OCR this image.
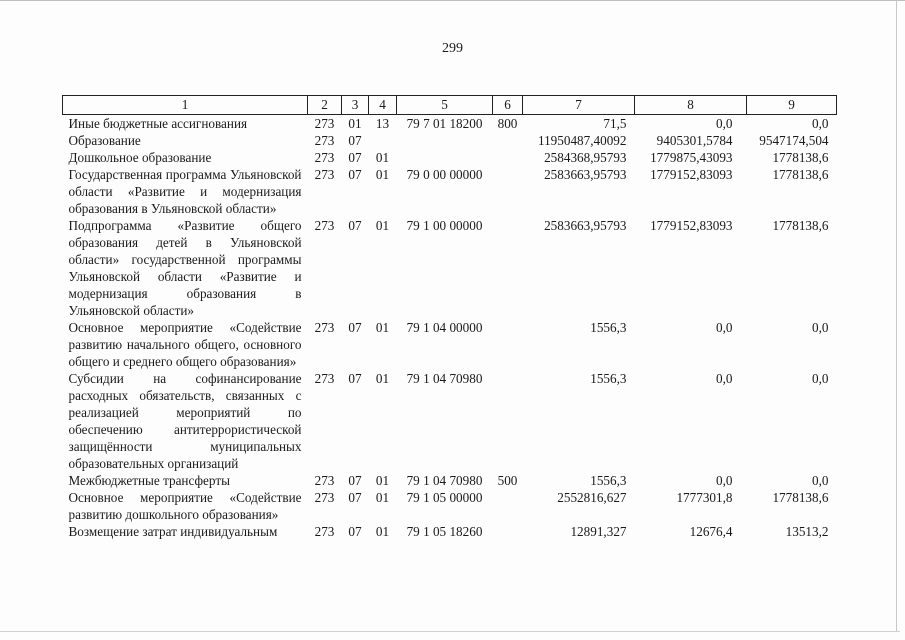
299
1	2	3	4	5	6	7	8	9
Иные бюджетные ассигнования	273	01	13	79 7 01 18200	800	71,5	0,0	0,0
Образование	273	07				11950487,40092	9405301,5784	9547174,504
Дошкольное образование	273	07	01			2584368,95793	1779875,43093	1778138,6
Государственная программа Ульяновской области «Развитие и модернизация образования в Ульяновской области»	273	07	01	79 0 00 00000		2583663,95793	1779152,83093	1778138,6
Подпрограмма «Развитие общего образования детей в Ульяновской области» государственной программы Ульяновской области «Развитие и модернизация образования в Ульяновской области»	273	07	01	79 1 00 00000		2583663,95793	1779152,83093	1778138,6
Основное мероприятие «Содействие развитию начального общего, основного общего и среднего общего образования»	273	07	01	79 1 04 00000		1556,3	0,0	0,0
Субсидии на софинансирование расходных обязательств, связанных с реализацией мероприятий по обеспечению антитеррористической защищённости муниципальных образовательных организаций	273	07	01	79 1 04 70980		1556,3	0,0	0,0
Межбюджетные трансферты	273	07	01	79 1 04 70980	500	1556,3	0,0	0,0
Основное мероприятие «Содействие развитию дошкольного образования»	273	07	01	79 1 05 00000		2552816,627	1777301,8	1778138,6
Возмещение затрат индивидуальным	273	07	01	79 1 05 18260		12891,327	12676,4	13513,2
